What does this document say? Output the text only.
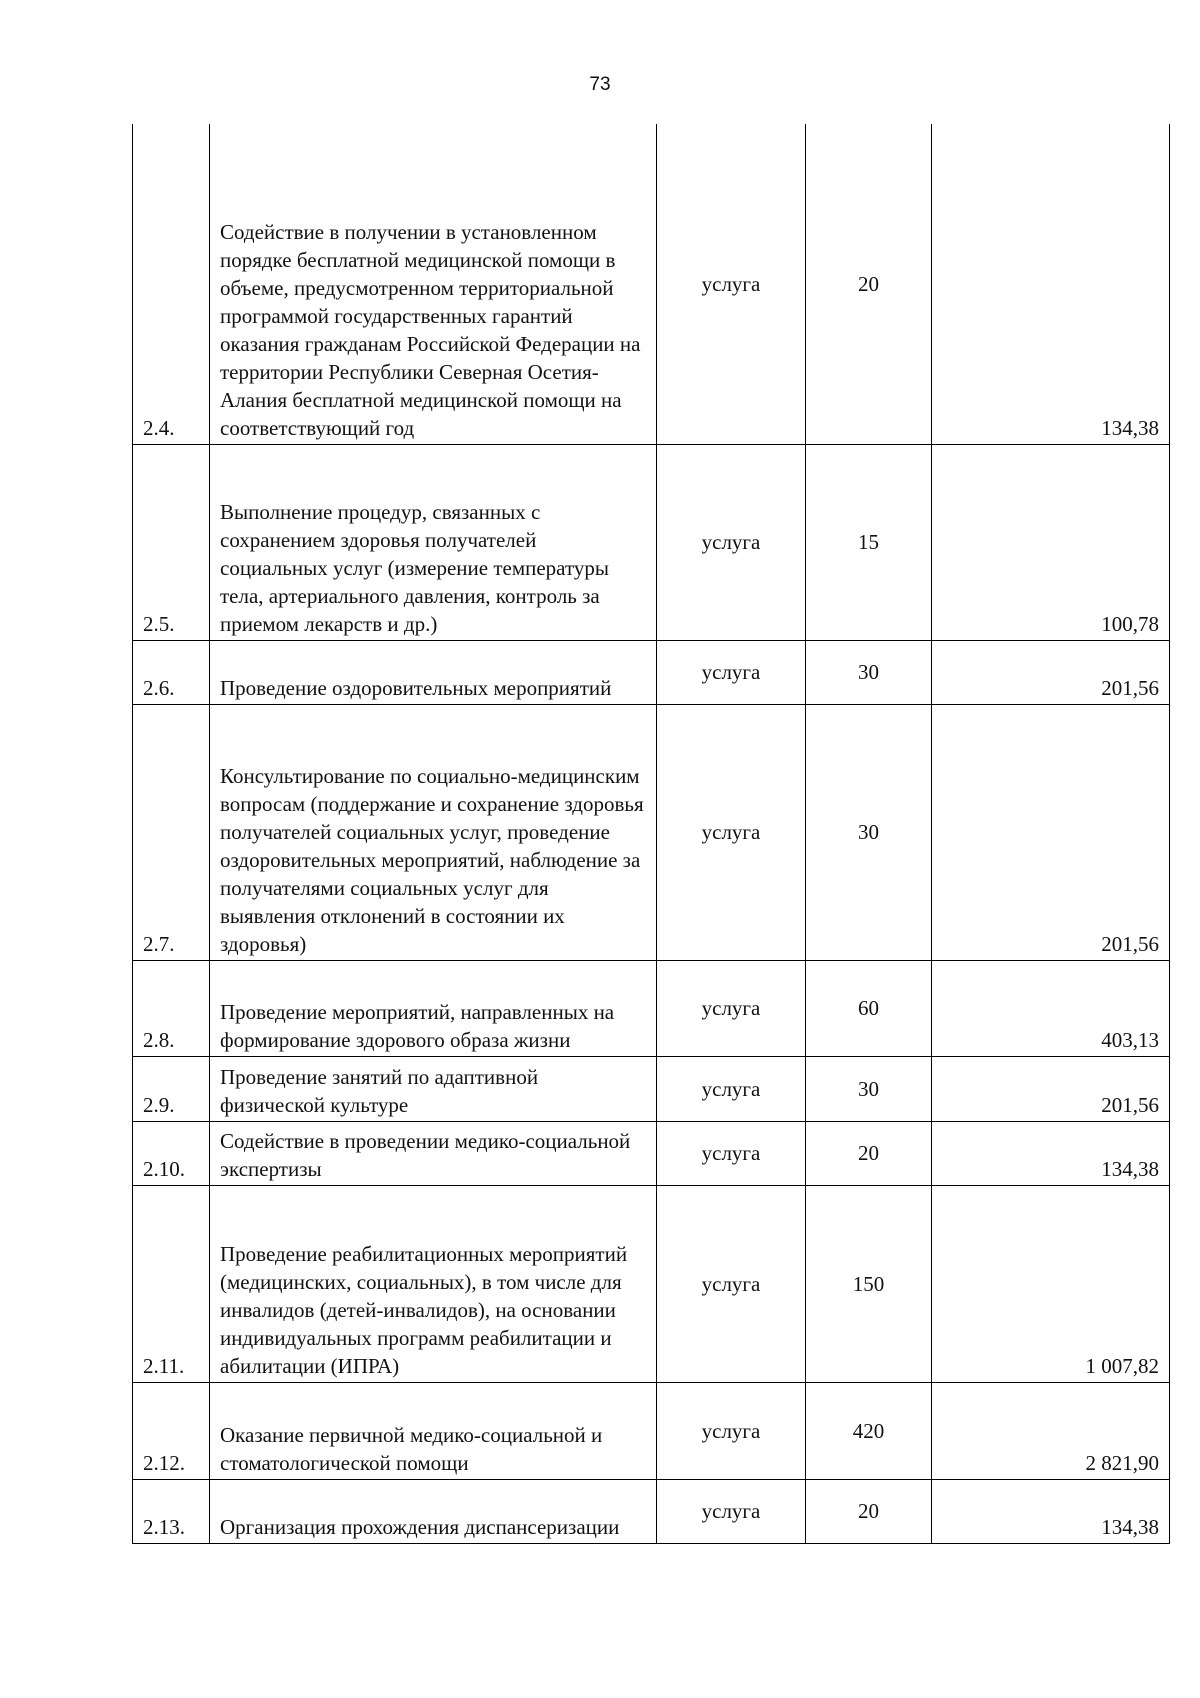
73
2.4.	Содействие в получении в установленном порядке бесплатной медицинской помощи в объеме, предусмотренном территориальной программой государственных гарантий оказания гражданам Российской Федерации на территории Республики Северная Осетия-Алания бесплатной медицинской помощи на соответствующий год	услуга	20	134,38
2.5.	Выполнение процедур, связанных с сохранением здоровья получателей социальных услуг (измерение температуры тела, артериального давления, контроль за приемом лекарств и др.)	услуга	15	100,78
2.6.	Проведение оздоровительных мероприятий	услуга	30	201,56
2.7.	Консультирование по социально-медицинским вопросам (поддержание и сохранение здоровья получателей социальных услуг, проведение оздоровительных мероприятий, наблюдение за получателями социальных услуг для выявления отклонений в состоянии их здоровья)	услуга	30	201,56
2.8.	Проведение мероприятий, направленных на формирование здорового образа жизни	услуга	60	403,13
2.9.	Проведение занятий по адаптивной физической культуре	услуга	30	201,56
2.10.	Содействие в проведении медико-социальной экспертизы	услуга	20	134,38
2.11.	Проведение реабилитационных мероприятий (медицинских, социальных), в том числе для инвалидов (детей-инвалидов), на основании индивидуальных программ реабилитации и абилитации (ИПРА)	услуга	150	1 007,82
2.12.	Оказание первичной медико-социальной и стоматологической помощи	услуга	420	2 821,90
2.13.	Организация прохождения диспансеризации	услуга	20	134,38
